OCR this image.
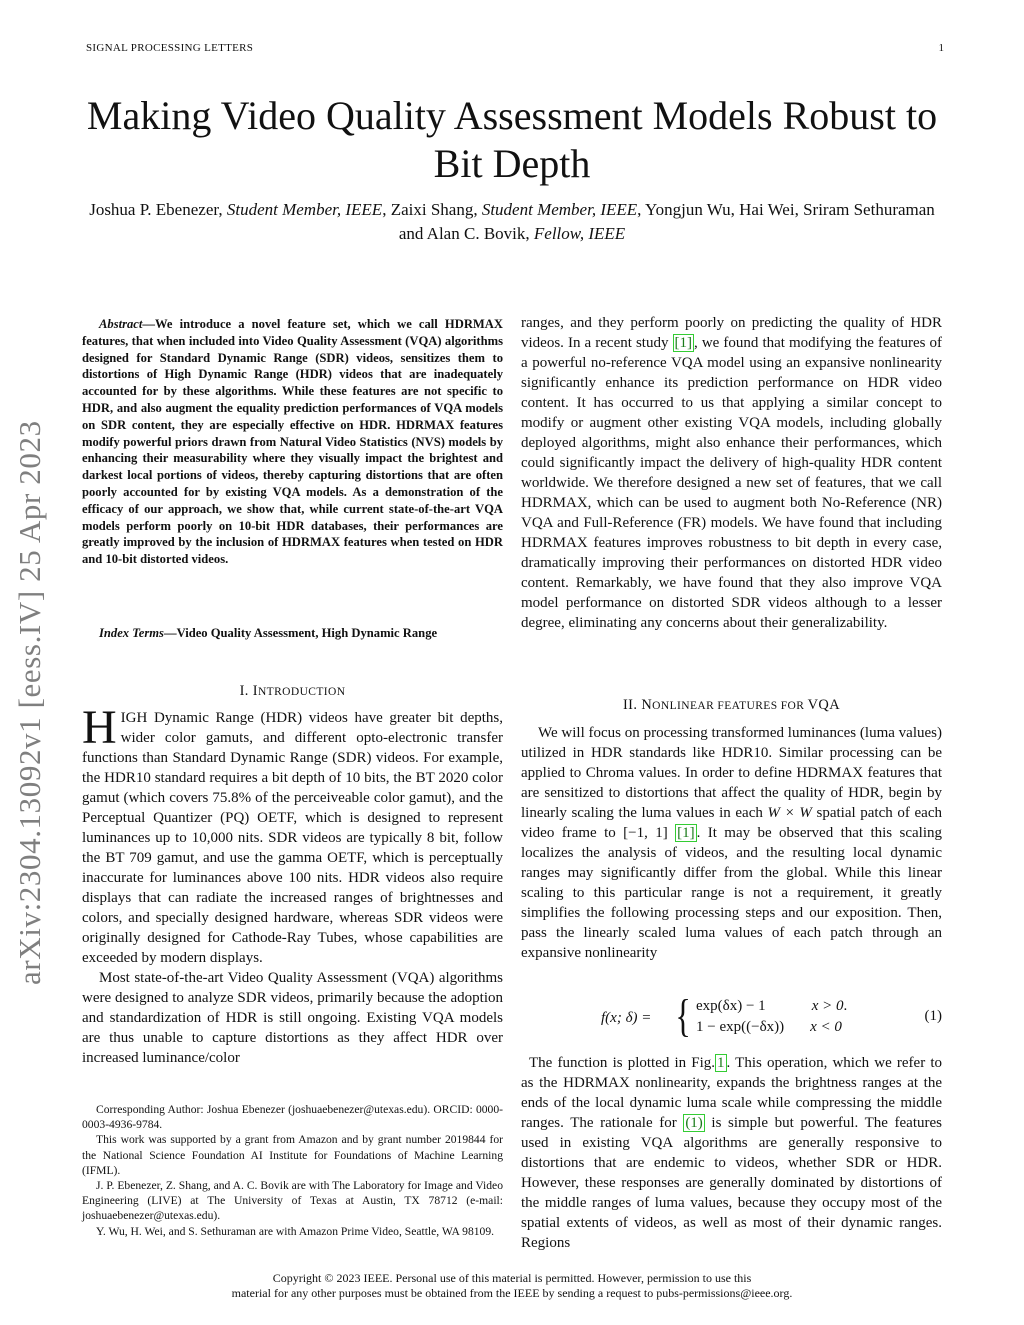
SIGNAL PROCESSING LETTERS	1
Making Video Quality Assessment Models Robust to Bit Depth
Joshua P. Ebenezer, Student Member, IEEE, Zaixi Shang, Student Member, IEEE, Yongjun Wu, Hai Wei, Sriram Sethuraman and Alan C. Bovik, Fellow, IEEE
arXiv:2304.13092v1 [eess.IV] 25 Apr 2023

Abstract—We introduce a novel feature set, which we call HDRMAX features, that when included into Video Quality Assessment (VQA) algorithms designed for Standard Dynamic Range (SDR) videos, sensitizes them to distortions of High Dynamic Range (HDR) videos that are inadequately accounted for by these algorithms. While these features are not specific to HDR, and also augment the equality prediction performances of VQA models on SDR content, they are especially effective on HDR. HDRMAX features modify powerful priors drawn from Natural Video Statistics (NVS) models by enhancing their measurability where they visually impact the brightest and darkest local portions of videos, thereby capturing distortions that are often poorly accounted for by existing VQA models. As a demonstration of the efficacy of our approach, we show that, while current state-of-the-art VQA models perform poorly on 10-bit HDR databases, their performances are greatly improved by the inclusion of HDRMAX features when tested on HDR and 10-bit distorted videos.

Index Terms—Video Quality Assessment, High Dynamic Range

I. INTRODUCTION

HIGH Dynamic Range (HDR) videos have greater bit depths, wider color gamuts, and different opto-electronic transfer functions than Standard Dynamic Range (SDR) videos. For example, the HDR10 standard requires a bit depth of 10 bits, the BT 2020 color gamut (which covers 75.8% of the perceiveable color gamut), and the Perceptual Quantizer (PQ) OETF, which is designed to represent luminances up to 10,000 nits. SDR videos are typically 8 bit, follow the BT 709 gamut, and use the gamma OETF, which is perceptually inaccurate for luminances above 100 nits. HDR videos also require displays that can radiate the increased ranges of brightnesses and colors, and specially designed hardware, whereas SDR videos were originally designed for Cathode-Ray Tubes, whose capabilities are exceeded by modern displays.

Most state-of-the-art Video Quality Assessment (VQA) algorithms were designed to analyze SDR videos, primarily because the adoption and standardization of HDR is still ongoing. Existing VQA models are thus unable to capture distortions as they affect HDR over increased luminance/color

Corresponding Author: Joshua Ebenezer (joshuaebenezer@utexas.edu). ORCID: 0000-0003-4936-9784.

This work was supported by a grant from Amazon and by grant number 2019844 for the National Science Foundation AI Institute for Foundations of Machine Learning (IFML).

J. P. Ebenezer, Z. Shang, and A. C. Bovik are with The Laboratory for Image and Video Engineering (LIVE) at The University of Texas at Austin, TX 78712 (e-mail: joshuaebenezer@utexas.edu).

Y. Wu, H. Wei, and S. Sethuraman are with Amazon Prime Video, Seattle, WA 98109.

ranges, and they perform poorly on predicting the quality of HDR videos. In a recent study [1] , we found that modifying the features of a powerful no-reference VQA model using an expansive nonlinearity significantly enhance its prediction performance on HDR video content. It has occurred to us that applying a similar concept to modify or augment other existing VQA models, including globally deployed algorithms, might also enhance their performances, which could significantly impact the delivery of high-quality HDR content worldwide. We therefore designed a new set of features, that we call HDRMAX, which can be used to augment both No-Reference (NR) VQA and Full-Reference (FR) models. We have found that including HDRMAX features improves robustness to bit depth in every case, dramatically improving their performances on distorted HDR video content. Remarkably, we have found that they also improve VQA model performance on distorted SDR videos although to a lesser degree, eliminating any concerns about their generalizability.

II. NONLINEAR FEATURES FOR VQA

We will focus on processing transformed luminances (luma values) utilized in HDR standards like HDR10. Similar processing can be applied to Chroma values. In order to define HDRMAX features that are sensitized to distortions that affect the quality of HDR, begin by linearly scaling the luma values in each W × W spatial patch of each video frame to [−1, 1] [1] . It may be observed that this scaling localizes the analysis of videos, and the resulting local dynamic ranges may significantly differ from the global. While this linear scaling to this particular range is not a requirement, it greatly simplifies the following processing steps and our exposition. Then, pass the linearly scaled luma values of each patch through an expansive nonlinearity

f(x; δ) = { exp(δx) − 1	x > 0.
1 − exp((−δx)) x < 0
(1)

The function is plotted in Fig. 1 . This operation, which we refer to as the HDRMAX nonlinearity, expands the brightness ranges at the ends of the local dynamic luma scale while compressing the middle ranges. The rationale for (1) is simple but powerful. The features used in existing VQA algorithms are generally responsive to distortions that are endemic to videos, whether SDR or HDR. However, these responses are generally dominated by distortions of the middle ranges of luma values, because they occupy most of the spatial extents of videos, as well as most of their dynamic ranges. Regions

Copyright © 2023 IEEE. Personal use of this material is permitted. However, permission to use this
material for any other purposes must be obtained from the IEEE by sending a request to pubs-permissions@ieee.org.
